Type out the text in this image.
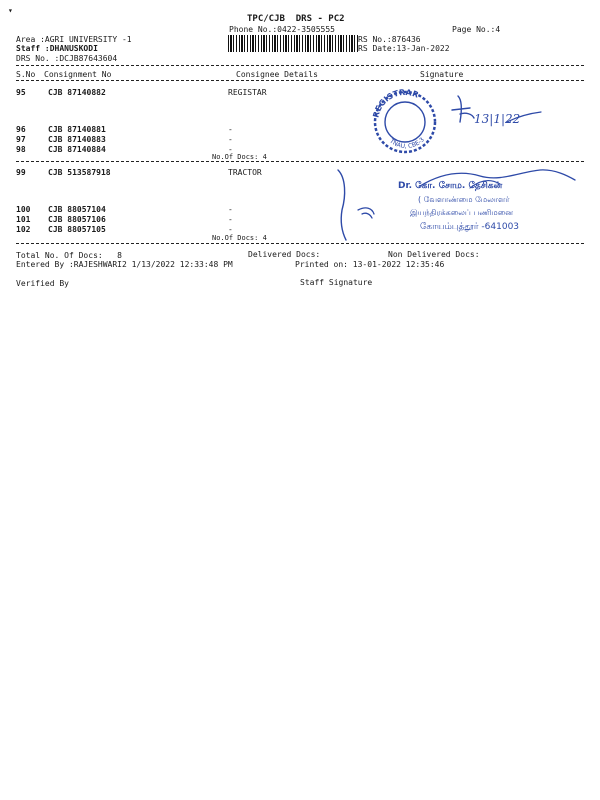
TPC/CJB  DRS - PC2
Phone No.:0422-3505555	Page No.:4
Area :AGRI UNIVERSITY -1
Staff :DHANUSKODI
DRS No. :DCJB87643604
RS No.:876436
RS Date:13-Jan-2022
S.No Consignment No	Consignee Details	Signature
95	CJB 87140882	REGISTAR
96	CJB 87140881	-
97	CJB 87140883	-
98	CJB 87140884	-
No.Of Docs: 4
99	CJB 513587918	TRACTOR
100 CJB 88057104	-
101 CJB 88057106	-
102 CJB 88057105	-
No.Of Docs: 4
Total No. Of Docs:   8	Delivered Docs:	Non Delivered Docs:
Entered By :RAJESHWARI2 1/13/2022 12:33:48 PM	Printed on: 13-01-2022 12:35:46
Verified By	Staff Signature
REGISTRAR
TNAU, CBE-3
13|1|22
Dr. கோ. சோம. தேசிகன்
( வேளாண்மை மேலாளர்
இயந்திரக்கலைப் பணிமனை
கோயம்புத்தூர் -641003
▾
